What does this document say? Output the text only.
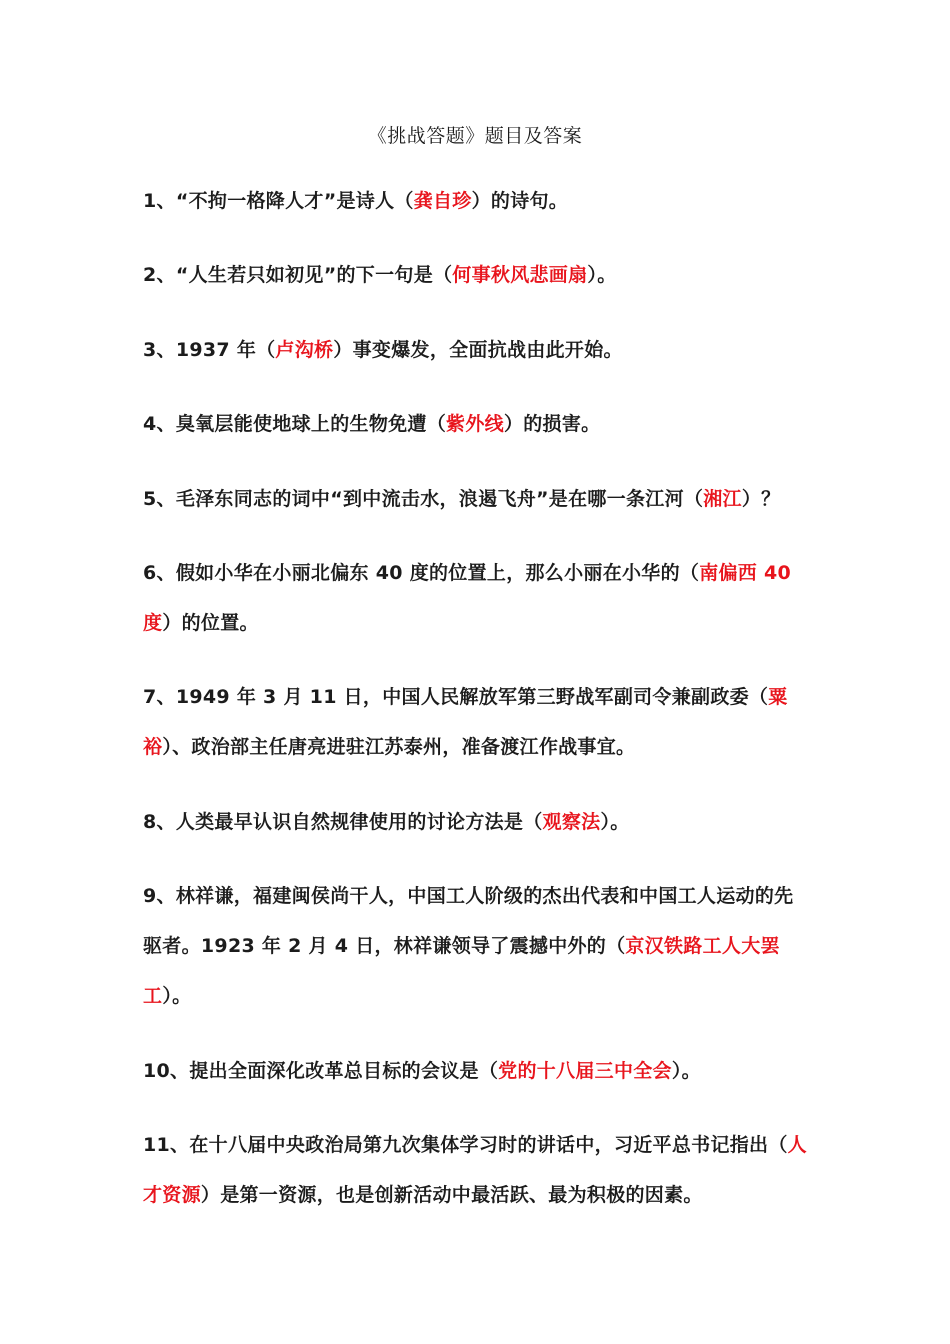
《挑战答题》题目及答案
1、“不拘一格降人才”是诗人（龚自珍）的诗句。
2、“人生若只如初见”的下一句是（何事秋风悲画扇）。
3、1937 年（卢沟桥）事变爆发，全面抗战由此开始。
4、臭氧层能使地球上的生物免遭（紫外线）的损害。
5、毛泽东同志的词中“到中流击水，浪遏飞舟”是在哪一条江河（湘江）？
6、假如小华在小丽北偏东 40 度的位置上，那么小丽在小华的（南偏西 40 度）的位置。
7、1949 年 3 月 11 日，中国人民解放军第三野战军副司令兼副政委（粟裕）、政治部主任唐亮进驻江苏泰州，准备渡江作战事宜。
8、人类最早认识自然规律使用的讨论方法是（观察法）。
9、林祥谦，福建闽侯尚干人，中国工人阶级的杰出代表和中国工人运动的先驱者。1923 年 2 月 4 日，林祥谦领导了震撼中外的（京汉铁路工人大罢工）。
10、提出全面深化改革总目标的会议是（党的十八届三中全会）。
11、在十八届中央政治局第九次集体学习时的讲话中，习近平总书记指出（人才资源）是第一资源，也是创新活动中最活跃、最为积极的因素。
